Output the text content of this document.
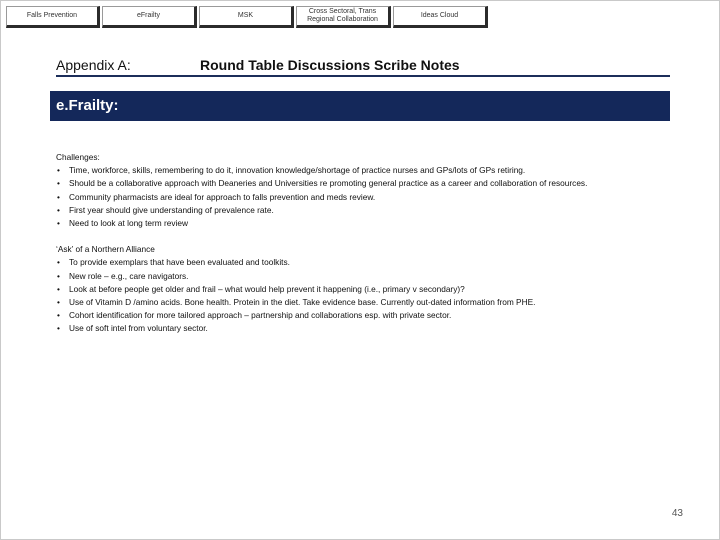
Falls Prevention	eFrailty	MSK
Cross Sectoral, Trans Regional Collaboration
Ideas Cloud
Appendix A:	Round Table Discussions Scribe Notes
e.Frailty:
Challenges:
• Time, workforce, skills, remembering to do it, innovation knowledge/shortage of practice nurses and GPs/lots of GPs retiring.
• Should be a collaborative approach with Deaneries and Universities re promoting general practice as a career and collaboration of resources.
• Community pharmacists are ideal for approach to falls prevention and meds review.
• First year should give understanding of prevalence rate.
• Need to look at long term review
‘Ask’ of a Northern Alliance
• To provide exemplars that have been evaluated and toolkits.
• New role – e.g., care navigators.
• Look at before people get older and frail – what would help prevent it happening (i.e., primary v secondary)?
• Use of Vitamin D /amino acids. Bone health. Protein in the diet. Take evidence base. Currently out-dated information from PHE.
• Cohort identification for more tailored approach – partnership and collaborations esp. with private sector.
• Use of soft intel from voluntary sector.
43
